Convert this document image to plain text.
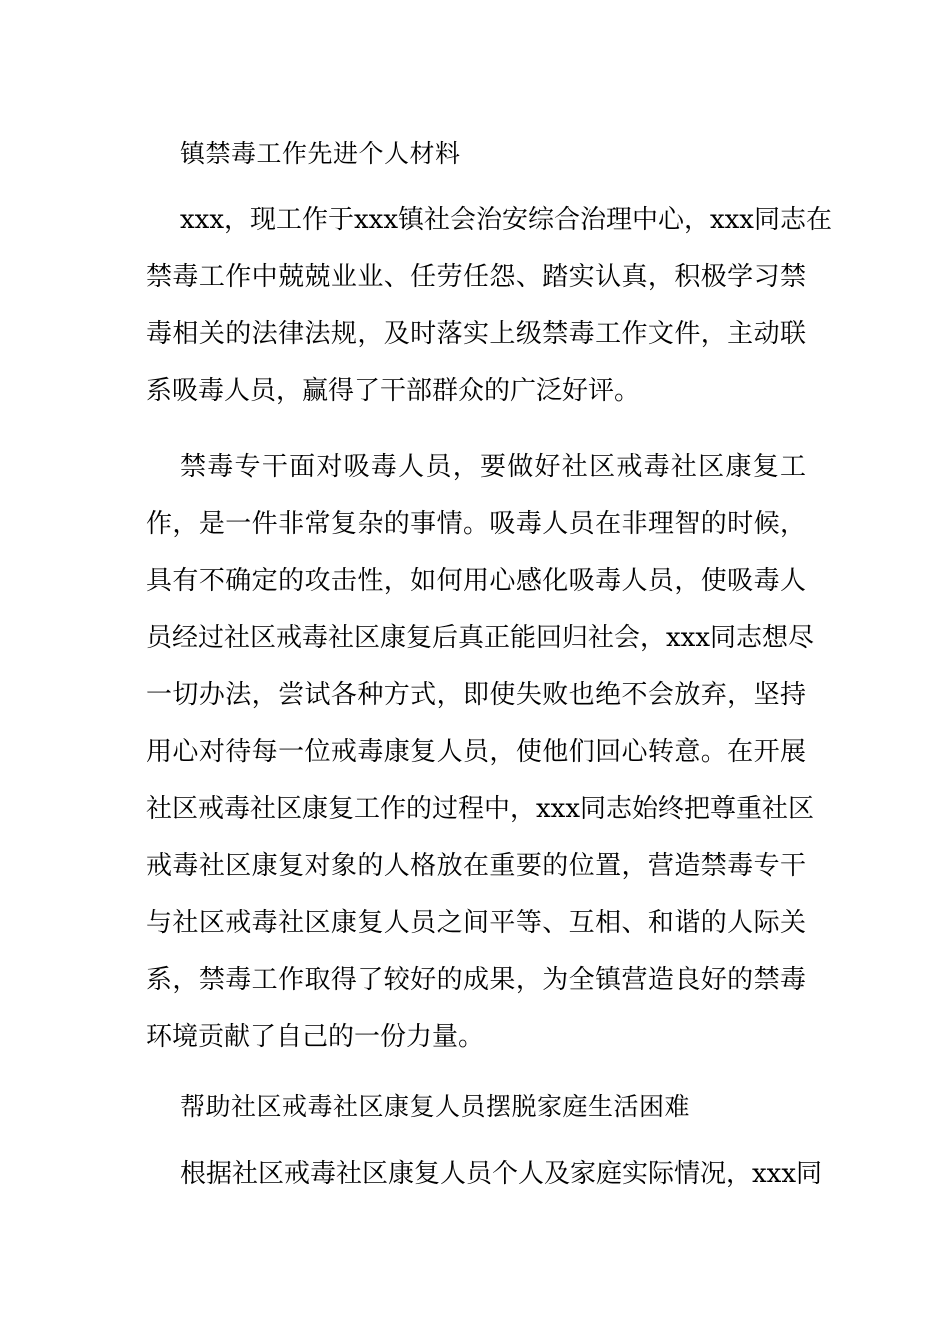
镇禁毒工作先进个人材料
xxx，现工作于xxx镇社会治安综合治理中心，xxx同志在
禁毒工作中兢兢业业、任劳任怨、踏实认真，积极学习禁
毒相关的法律法规，及时落实上级禁毒工作文件，主动联
系吸毒人员，赢得了干部群众的广泛好评。
禁毒专干面对吸毒人员，要做好社区戒毒社区康复工
作，是一件非常复杂的事情。吸毒人员在非理智的时候，
具有不确定的攻击性，如何用心感化吸毒人员，使吸毒人
员经过社区戒毒社区康复后真正能回归社会，xxx同志想尽
一切办法，尝试各种方式，即使失败也绝不会放弃，坚持
用心对待每一位戒毒康复人员，使他们回心转意。在开展
社区戒毒社区康复工作的过程中，xxx同志始终把尊重社区
戒毒社区康复对象的人格放在重要的位置，营造禁毒专干
与社区戒毒社区康复人员之间平等、互相、和谐的人际关
系，禁毒工作取得了较好的成果，为全镇营造良好的禁毒
环境贡献了自己的一份力量。
帮助社区戒毒社区康复人员摆脱家庭生活困难
根据社区戒毒社区康复人员个人及家庭实际情况，xxx同
